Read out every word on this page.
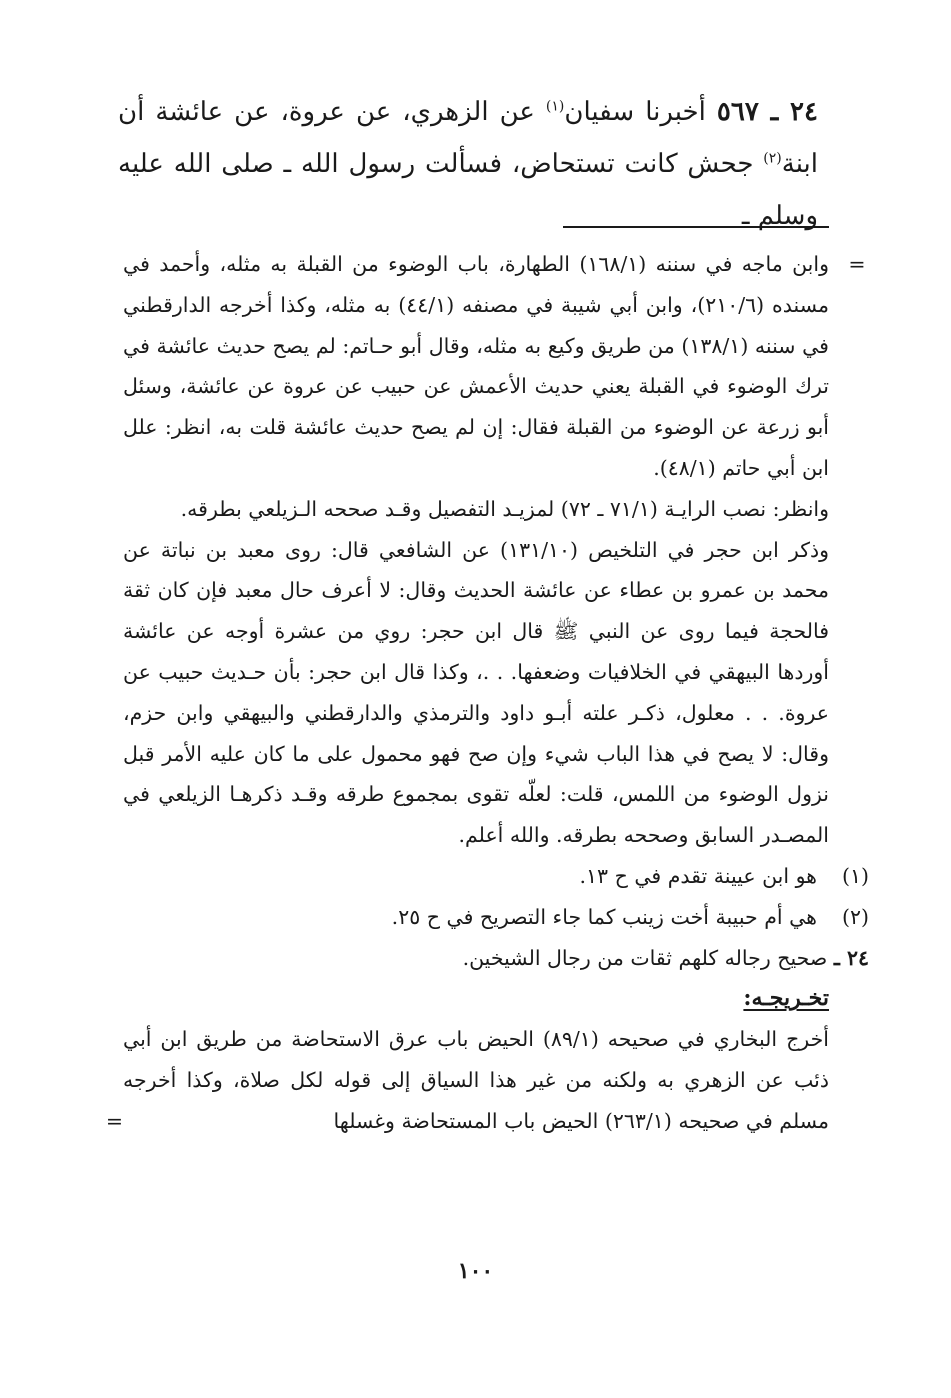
٢٤ ـ ٥٦٧ أخبرنا سفيان$^{(١)}$ عن الزهري، عن عروة، عن عائشة أن ابنة$^{(٢)}$ جحش كانت تستحاض، فسألت رسول الله ـ صلى الله عليه وسلم ـ
=

وابن ماجه في سننه (١٦٨/١) الطهارة، باب الوضوء من القبلة به مثله، وأحمد في مسنده (٢١٠/٦)، وابن أبي شيبة في مصنفه (٤٤/١) به مثله، وكذا أخرجه الدارقطني في سننه (١٣٨/١) من طريق وكيع به مثله، وقال أبو حـاتم: لم يصح حديث عائشة في ترك الوضوء في القبلة يعني حديث الأعمش عن حبيب عن عروة عن عائشة، وسئل أبو زرعة عن الوضوء من القبلة فقال: إن لم يصح حديث عائشة قلت به، انظر: علل ابن أبي حاتم (٤٨/١).

وانظر: نصب الرايـة (٧١/١ ـ ٧٢) لمزيـد التفصيل وقـد صححه الـزيلعي بطرقه.

وذكر ابن حجر في التلخيص (١٣١/١٠) عن الشافعي قال: روى معبد بن نباتة عن محمد بن عمرو بن عطاء عن عائشة الحديث وقال: لا أعرف حال معبد فإن كان ثقة فالحجة فيما روى عن النبي ﷺ قال ابن حجر: روي من عشرة أوجه عن عائشة أوردها البيهقي في الخلافيات وضعفها. . .، وكذا قال ابن حجر: بأن حـديث حبيب عن عروة. . . معلول، ذكـر علته أبـو داود والترمذي والدارقطني والبيهقي وابن حزم، وقال: لا يصح في هذا الباب شيء وإن صح فهو محمول على ما كان عليه الأمر قبل نزول الوضوء من اللمس، قلت: لعلّه تقوى بمجموع طرقه وقـد ذكرهـا الزيلعي في المصـدر السابق وصححه بطرقه. والله أعلم.

(١)
هو ابن عيينة تقدم في ح ١٣.
(٢)
هي أم حبيبة أخت زينب كما جاء التصريح في ح ٢٥.
٢٤ ـ صحيح رجاله كلهم ثقات من رجال الشيخين.
تخـريجـه:

أخرج البخاري في صحيحه (٨٩/١) الحيض باب عرق الاستحاضة من طريق ابن أبي ذئب عن الزهري به ولكنه من غير هذا السياق إلى قوله لكل صلاة، وكذا أخرجه مسلم في صحيحه (٢٦٣/١) الحيض باب المستحاضة وغسلها

=
١٠٠
